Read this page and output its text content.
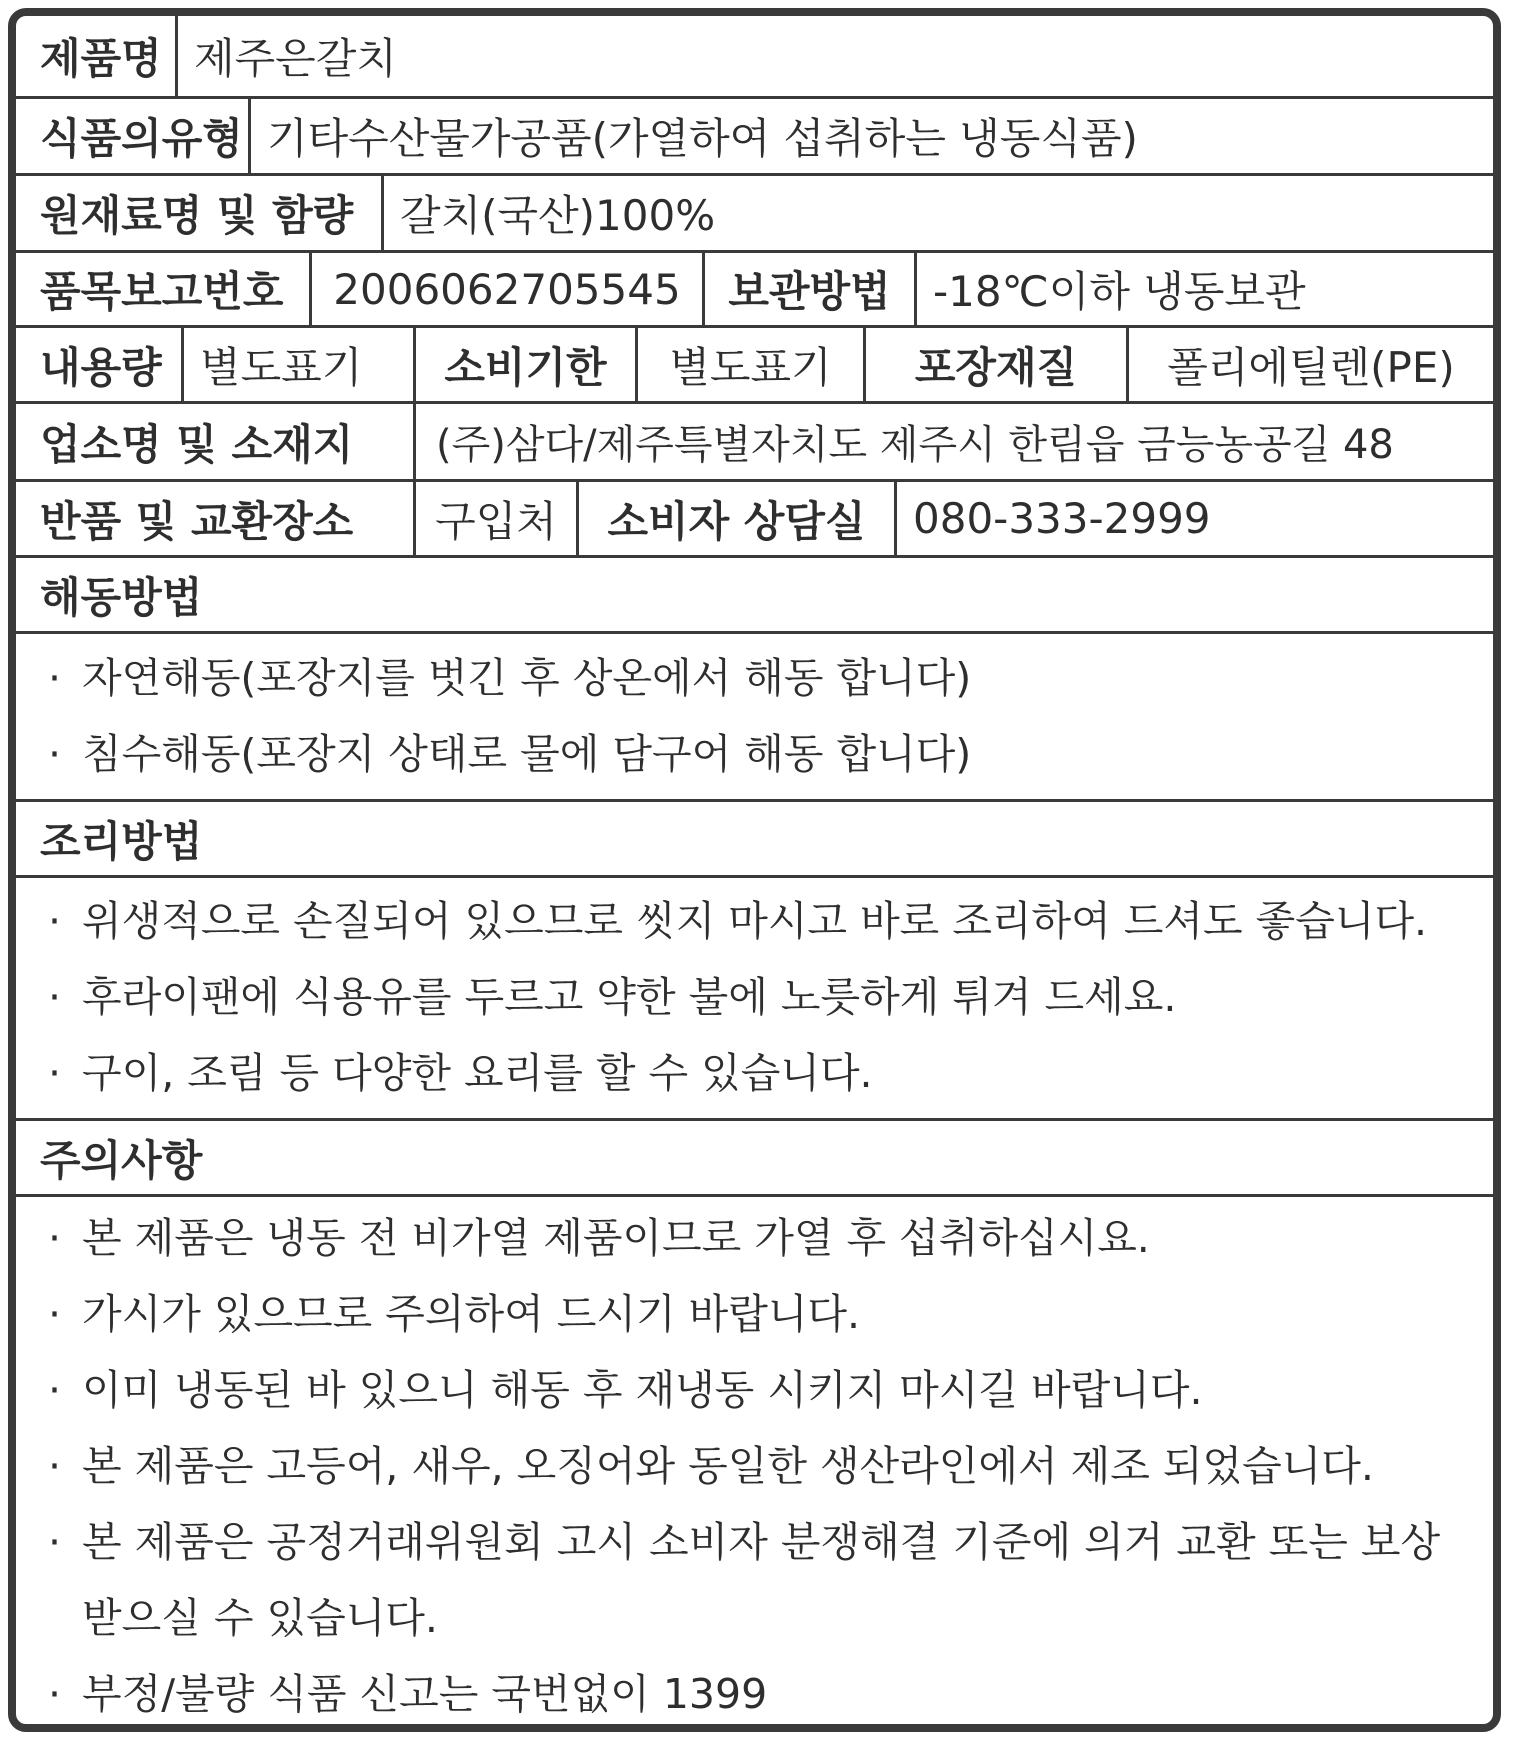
제품명 제주은갈치
식품의유형 기타수산물가공품(가열하여 섭취하는 냉동식품)
원재료명 및 함량	갈치(국산)100%
품목보고번호	2006062705545	보관방법	-18℃이하 냉동보관
내용량 별도표기	소비기한	별도표기	포장재질	폴리에틸렌(PE)
업소명 및 소재지	(주)삼다/제주특별자치도 제주시 한림읍 금능농공길 48
반품 및 교환장소	구입처	소비자 상담실	080-333-2999
해동방법
· 자연해동(포장지를 벗긴 후 상온에서 해동 합니다)
· 침수해동(포장지 상태로 물에 담구어 해동 합니다)
조리방법
· 위생적으로 손질되어 있으므로 씻지 마시고 바로 조리하여 드셔도 좋습니다.
· 후라이팬에 식용유를 두르고 약한 불에 노릇하게 튀겨 드세요.
· 구이, 조림 등 다양한 요리를 할 수 있습니다.
주의사항
· 본 제품은 냉동 전 비가열 제품이므로 가열 후 섭취하십시요.
· 가시가 있으므로 주의하여 드시기 바랍니다.
· 이미 냉동된 바 있으니 해동 후 재냉동 시키지 마시길 바랍니다.
· 본 제품은 고등어, 새우, 오징어와 동일한 생산라인에서 제조 되었습니다.
· 본 제품은 공정거래위원회 고시 소비자 분쟁해결 기준에 의거 교환 또는 보상 받으실 수 있습니다.
· 부정/불량 식품 신고는 국번없이 1399
